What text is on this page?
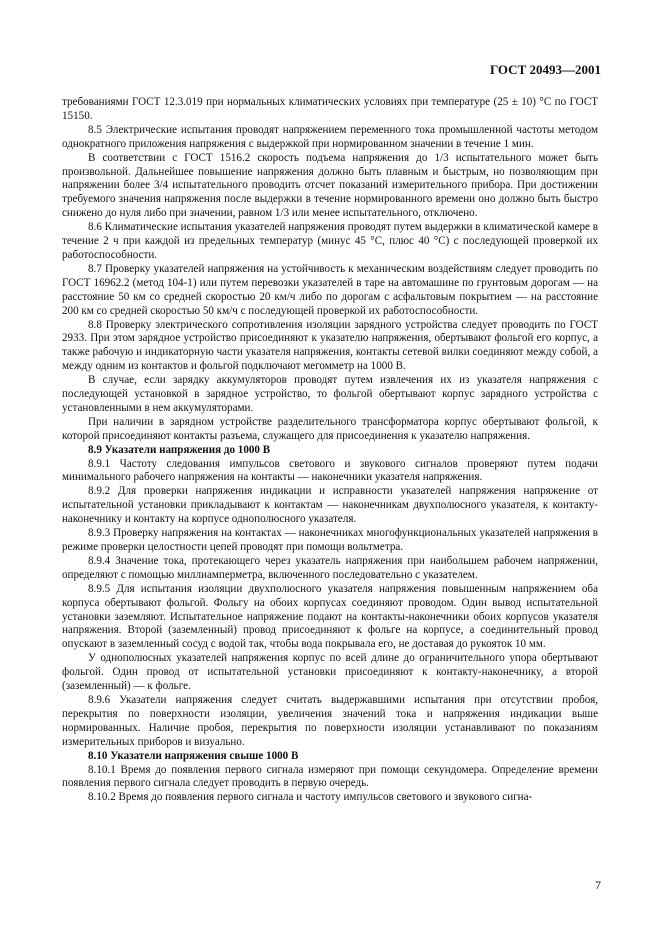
ГОСТ 20493—2001

требованиями ГОСТ 12.3.019 при нормальных климатических условиях при температуре (25 ± 10) °С по ГОСТ 15150.

8.5 Электрические испытания проводят напряжением переменного тока промышленной частоты методом однократного приложения напряжения с выдержкой при нормированном значении в течение 1 мин.

В соответствии с ГОСТ 1516.2 скорость подъема напряжения до 1/3 испытательного может быть произвольной. Дальнейшее повышение напряжения должно быть плавным и быстрым, но позволяющим при напряжении более 3/4 испытательного проводить отсчет показаний измерительного прибора. При достижении требуемого значения напряжения после выдержки в течение нормированного времени оно должно быть быстро снижено до нуля либо при значении, равном 1/3 или менее испытательного, отключено.

8.6 Климатические испытания указателей напряжения проводят путем выдержки в климатической камере в течение 2 ч при каждой из предельных температур (минус 45 °С, плюс 40 °С) с последующей проверкой их работоспособности.

8.7 Проверку указателей напряжения на устойчивость к механическим воздействиям следует проводить по ГОСТ 16962.2 (метод 104-1) или путем перевозки указателей в таре на автомашине по грунтовым дорогам — на расстояние 50 км со средней скоростью 20 км/ч либо по дорогам с асфальтовым покрытием — на расстояние 200 км со средней скоростью 50 км/ч с последующей проверкой их работоспособности.

8.8 Проверку электрического сопротивления изоляции зарядного устройства следует проводить по ГОСТ 2933. При этом зарядное устройство присоединяют к указателю напряжения, обертывают фольгой его корпус, а также рабочую и индикаторную части указателя напряжения, контакты сетевой вилки соединяют между собой, а между одним из контактов и фольгой подключают мегомметр на 1000 В.

В случае, если зарядку аккумуляторов проводят путем извлечения их из указателя напряжения с последующей установкой в зарядное устройство, то фольгой обертывают корпус зарядного устройства с установленными в нем аккумуляторами.

При наличии в зарядном устройстве разделительного трансформатора корпус обертывают фольгой, к которой присоединяют контакты разъема, служащего для присоединения к указателю напряжения.

8.9 Указатели напряжения до 1000 В

8.9.1 Частоту следования импульсов светового и звукового сигналов проверяют путем подачи минимального рабочего напряжения на контакты — наконечники указателя напряжения.

8.9.2 Для проверки напряжения индикации и исправности указателей напряжения напряжение от испытательной установки прикладывают к контактам — наконечникам двухполюсного указателя, к контакту-наконечнику и контакту на корпусе однополюсного указателя.

8.9.3 Проверку напряжения на контактах — наконечниках многофункциональных указателей напряжения в режиме проверки целостности цепей проводят при помощи вольтметра.

8.9.4 Значение тока, протекающего через указатель напряжения при наибольшем рабочем напряжении, определяют с помощью миллиамперметра, включенного последовательно с указателем.

8.9.5 Для испытания изоляции двухполюсного указателя напряжения повышенным напряжением оба корпуса обертывают фольгой. Фольгу на обоих корпусах соединяют проводом. Один вывод испытательной установки заземляют. Испытательное напряжение подают на контакты-наконечники обоих корпусов указателя напряжения. Второй (заземленный) провод присоединяют к фольге на корпусе, а соединительный провод опускают в заземленный сосуд с водой так, чтобы вода покрывала его, не доставая до рукояток 10 мм.

У однополюсных указателей напряжения корпус по всей длине до ограничительного упора обертывают фольгой. Один провод от испытательной установки присоединяют к контакту-наконечнику, а второй (заземленный) — к фольге.

8.9.6 Указатели напряжения следует считать выдержавшими испытания при отсутствии пробоя, перекрытия по поверхности изоляции, увеличения значений тока и напряжения индикации выше нормированных. Наличие пробоя, перекрытия по поверхности изоляции устанавливают по показаниям измерительных приборов и визуально.

8.10 Указатели напряжения свыше 1000 В

8.10.1 Время до появления первого сигнала измеряют при помощи секундомера. Определение времени появления первого сигнала следует проводить в первую очередь.

8.10.2 Время до появления первого сигнала и частоту импульсов светового и звукового сигна-

7
